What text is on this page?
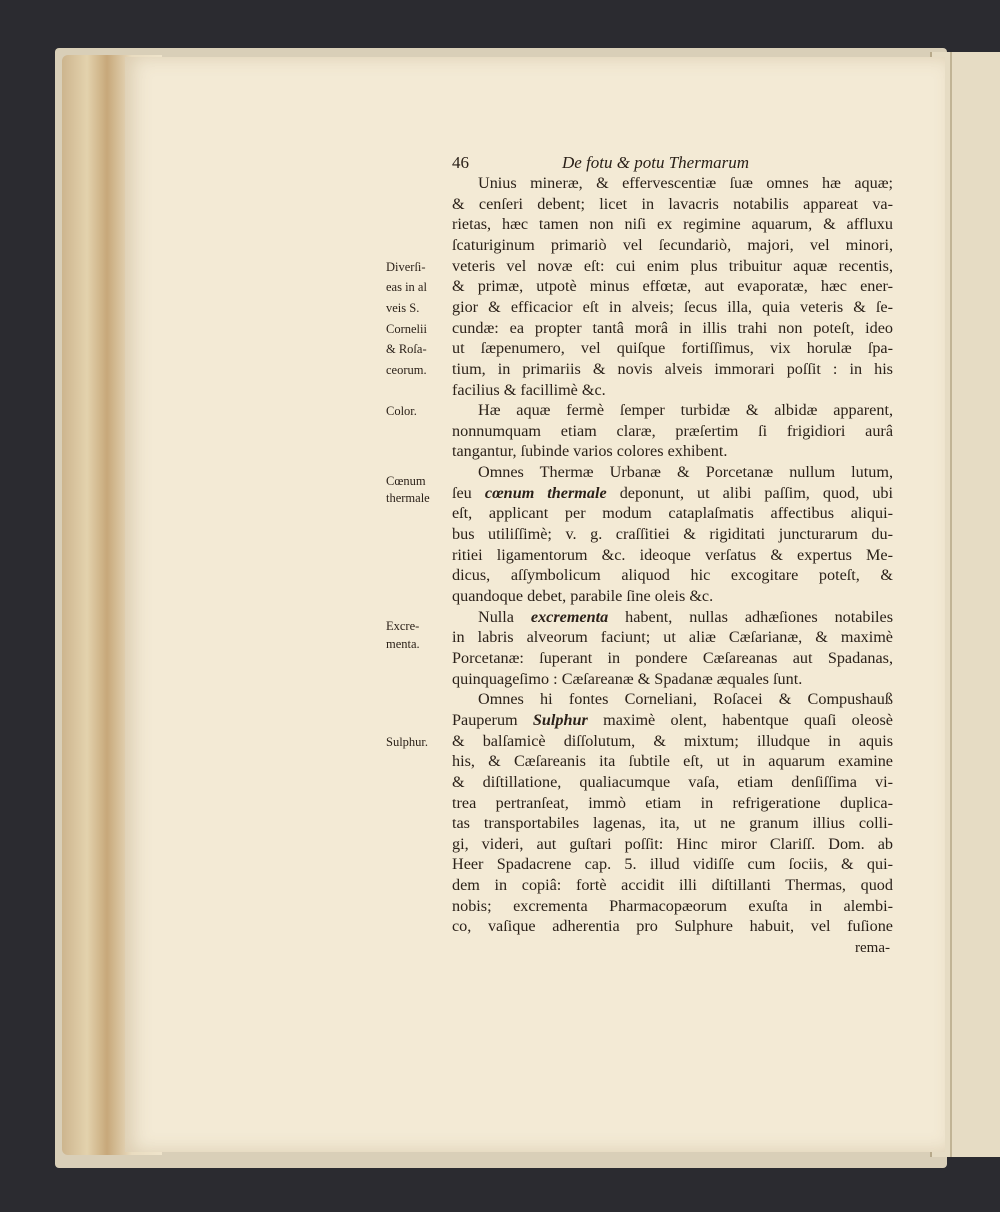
46	De fotu & potu Thermarum
Unius mineræ, & effervescentiæ ſuæ omnes hæ aquæ;
& cenſeri debent; licet in lavacris notabilis appareat va-
rietas, hæc tamen non niſi ex regimine aquarum, & affluxu
ſcaturiginum primariò vel ſecundariò, majori, vel minori,
veteris vel novæ eſt: cui enim plus tribuitur aquæ recentis,
& primæ, utpotè minus effœtæ, aut evaporatæ, hæc ener-
gior & efficacior eſt in alveis; ſecus illa, quia veteris & ſe-
cundæ: ea propter tantâ morâ in illis trahi non poteſt, ideo
ut ſæpenumero, vel quiſque fortiſſimus, vix horulæ ſpa-
tium, in primariis & novis alveis immorari poſſit : in his
facilius & facillimè &c.
Hæ aquæ fermè ſemper turbidæ & albidæ apparent,
nonnumquam etiam claræ, præſertim ſi frigidiori aurâ
tangantur, ſubinde varios colores exhibent.
Omnes Thermæ Urbanæ & Porcetanæ nullum lutum,
ſeu cœnum thermale deponunt, ut alibi paſſim, quod, ubi
eſt, applicant per modum cataplaſmatis affectibus aliqui-
bus utiliſſimè; v. g. craſſitiei & rigiditati juncturarum du-
ritiei ligamentorum &c. ideoque verſatus & expertus Me-
dicus, aſſymbolicum aliquod hic excogitare poteſt, &
quandoque debet, parabile ſine oleis &c.
Nulla excrementa habent, nullas adhæſiones notabiles
in labris alveorum faciunt; ut aliæ Cæſarianæ, & maximè
Porcetanæ: ſuperant in pondere Cæſareanas aut Spadanas,
quinquageſimo : Cæſareanæ & Spadanæ æquales ſunt.
Omnes hi fontes Corneliani, Roſacei & Compushauß
Pauperum Sulphur maximè olent, habentque quaſi oleosè
& balſamicè diſſolutum, & mixtum; illudque in aquis
his, & Cæſareanis ita ſubtile eſt, ut in aquarum examine
& diſtillatione, qualiacumque vaſa, etiam denſiſſima vi-
trea pertranſeat, immò etiam in refrigeratione duplica-
tas transportabiles lagenas, ita, ut ne granum illius colli-
gi, videri, aut guſtari poſſit: Hinc miror Clariſſ. Dom. ab
Heer Spadacrene cap. 5. illud vidiſſe cum ſociis, & qui-
dem in copiâ: fortè accidit illi diſtillanti Thermas, quod
nobis; excrementa Pharmacopæorum exuſta in alembi-
co, vaſique adherentia pro Sulphure habuit, vel fuſione
Diverſi-
eas in al
veis S.
Cornelii
& Roſa-
ceorum.
Color.
Cœnum
thermale
Excre-
menta.
Sulphur.
rema-
